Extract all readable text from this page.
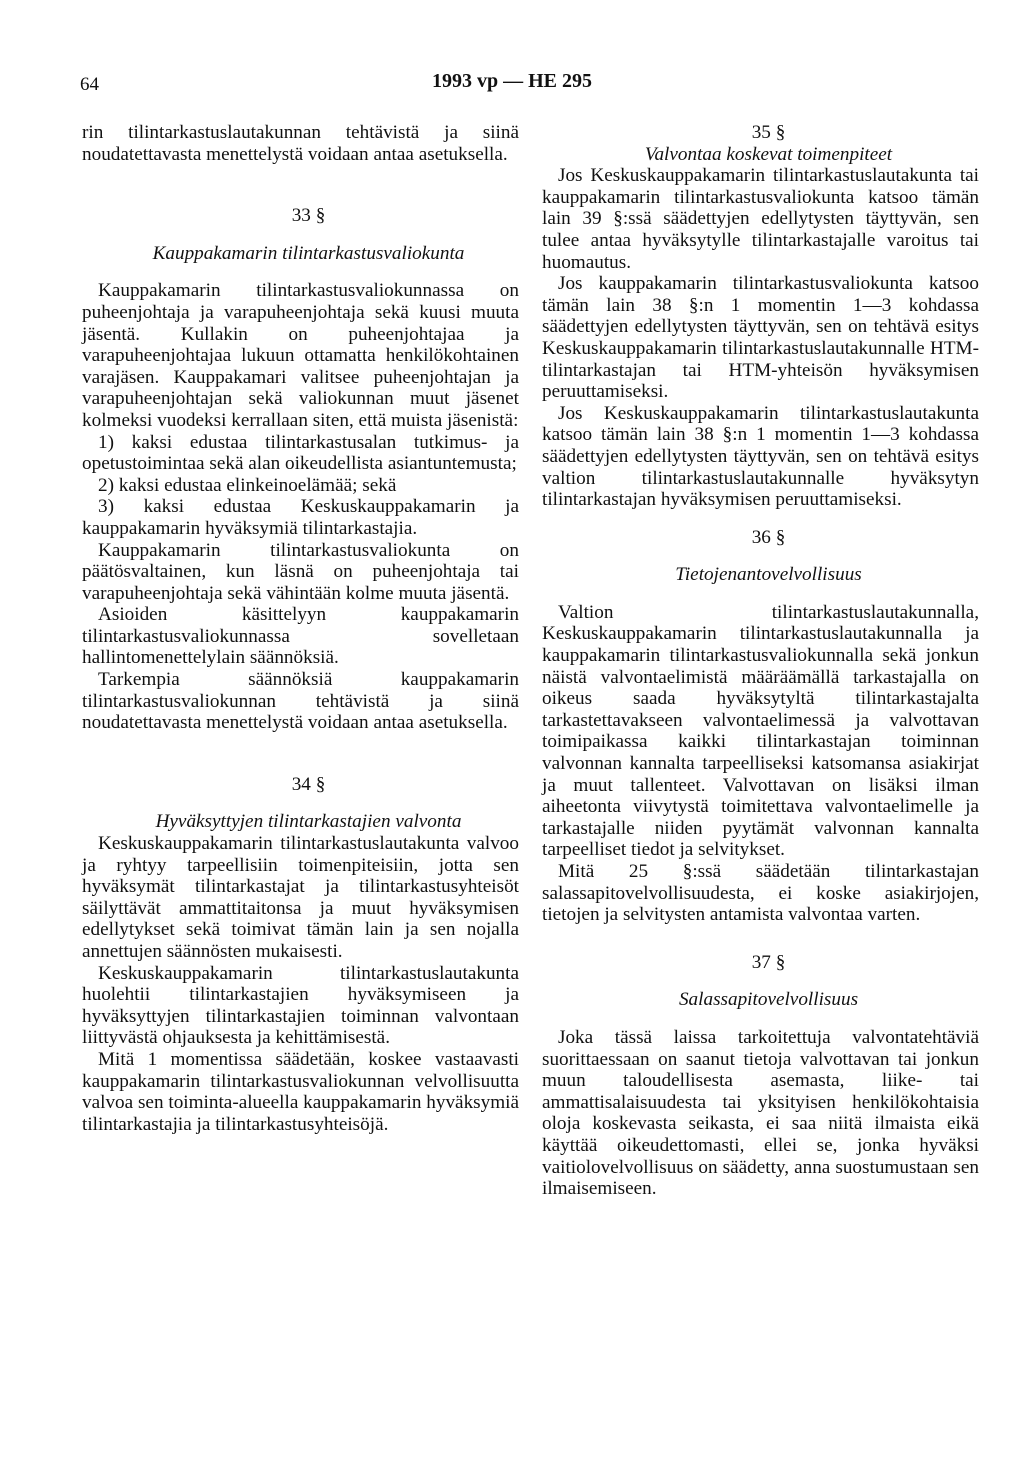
64	1993 vp — HE 295

rin tilintarkastuslautakunnan tehtävistä ja siinä noudatettavasta menettelystä voidaan antaa asetuksella.

33 §

Kauppakamarin tilintarkastusvaliokunta

Kauppakamarin tilintarkastusvaliokunnassa on puheenjohtaja ja varapuheenjohtaja sekä kuusi muuta jäsentä. Kullakin on puheenjohtajaa ja varapuheenjohtajaa lukuun ottamatta henkilökohtainen varajäsen. Kauppakamari valitsee puheenjohtajan ja varapuheenjohtajan sekä valiokunnan muut jäsenet kolmeksi vuodeksi kerrallaan siten, että muista jäsenistä:

1) kaksi edustaa tilintarkastusalan tutkimus- ja opetustoimintaa sekä alan oikeudellista asiantuntemusta;

2) kaksi edustaa elinkeinoelämää; sekä

3) kaksi edustaa Keskuskauppakamarin ja kauppakamarin hyväksymiä tilintarkastajia.

Kauppakamarin tilintarkastusvaliokunta on päätösvaltainen, kun läsnä on puheenjohtaja tai varapuheenjohtaja sekä vähintään kolme muuta jäsentä.

Asioiden käsittelyyn kauppakamarin tilintarkastusvaliokunnassa sovelletaan hallintomenettelylain säännöksiä.

Tarkempia säännöksiä kauppakamarin tilintarkastusvaliokunnan tehtävistä ja siinä noudatettavasta menettelystä voidaan antaa asetuksella.

34 §

Hyväksyttyjen tilintarkastajien valvonta

Keskuskauppakamarin tilintarkastuslautakunta valvoo ja ryhtyy tarpeellisiin toimenpiteisiin, jotta sen hyväksymät tilintarkastajat ja tilintarkastusyhteisöt säilyttävät ammattitaitonsa ja muut hyväksymisen edellytykset sekä toimivat tämän lain ja sen nojalla annettujen säännösten mukaisesti.

Keskuskauppakamarin tilintarkastuslautakunta huolehtii tilintarkastajien hyväksymiseen ja hyväksyttyjen tilintarkastajien toiminnan valvontaan liittyvästä ohjauksesta ja kehittämisestä.

Mitä 1 momentissa säädetään, koskee vastaavasti kauppakamarin tilintarkastusvaliokunnan velvollisuutta valvoa sen toiminta-alueella kauppakamarin hyväksymiä tilintarkastajia ja tilintarkastusyhteisöjä.

35 §

Valvontaa koskevat toimenpiteet

Jos Keskuskauppakamarin tilintarkastuslautakunta tai kauppakamarin tilintarkastusvaliokunta katsoo tämän lain 39 §:ssä säädettyjen edellytysten täyttyvän, sen tulee antaa hyväksytylle tilintarkastajalle varoitus tai huomautus.

Jos kauppakamarin tilintarkastusvaliokunta katsoo tämän lain 38 §:n 1 momentin 1—3 kohdassa säädettyjen edellytysten täyttyvän, sen on tehtävä esitys Keskuskauppakamarin tilintarkastuslautakunnalle HTM-tilintarkastajan tai HTM-yhteisön hyväksymisen peruuttamiseksi.

Jos Keskuskauppakamarin tilintarkastuslautakunta katsoo tämän lain 38 §:n 1 momentin 1—3 kohdassa säädettyjen edellytysten täyttyvän, sen on tehtävä esitys valtion tilintarkastuslautakunnalle hyväksytyn tilintarkastajan hyväksymisen peruuttamiseksi.

36 §

Tietojenantovelvollisuus

Valtion tilintarkastuslautakunnalla, Keskuskauppakamarin tilintarkastuslautakunnalla ja kauppakamarin tilintarkastusvaliokunnalla sekä jonkun näistä valvontaelimistä määräämällä tarkastajalla on oikeus saada hyväksytyltä tilintarkastajalta tarkastettavakseen valvontaelimessä ja valvottavan toimipaikassa kaikki tilintarkastajan toiminnan valvonnan kannalta tarpeelliseksi katsomansa asiakirjat ja muut tallenteet. Valvottavan on lisäksi ilman aiheetonta viivytystä toimitettava valvontaelimelle ja tarkastajalle niiden pyytämät valvonnan kannalta tarpeelliset tiedot ja selvitykset.

Mitä 25 §:ssä säädetään tilintarkastajan salassapitovelvollisuudesta, ei koske asiakirjojen, tietojen ja selvitysten antamista valvontaa varten.

37 §

Salassapitovelvollisuus

Joka tässä laissa tarkoitettuja valvontatehtäviä suorittaessaan on saanut tietoja valvottavan tai jonkun muun taloudellisesta asemasta, liike- tai ammattisalaisuudesta tai yksityisen henkilökohtaisia oloja koskevasta seikasta, ei saa niitä ilmaista eikä käyttää oikeudettomasti, ellei se, jonka hyväksi vaitiolovelvollisuus on säädetty, anna suostumustaan sen ilmaisemiseen.
